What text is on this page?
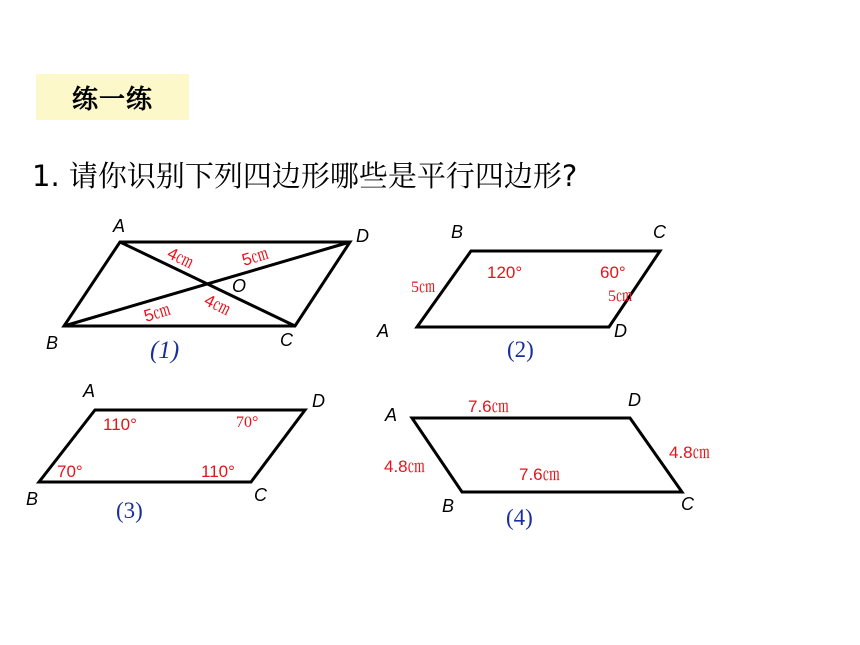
练一练
1. 请你识别下列四边形哪些是平行四边形?
A	D
B	C
O
4㎝	5㎝
5㎝ 4㎝
(1)
B	C
A	D
120°	60°
5㎝
5㎝
(2)
A	D
B	C
110°	70°
70°	110°
(3)
A
D
B	C
7.6㎝
7.6㎝
4.8㎝
4.8㎝
(4)
